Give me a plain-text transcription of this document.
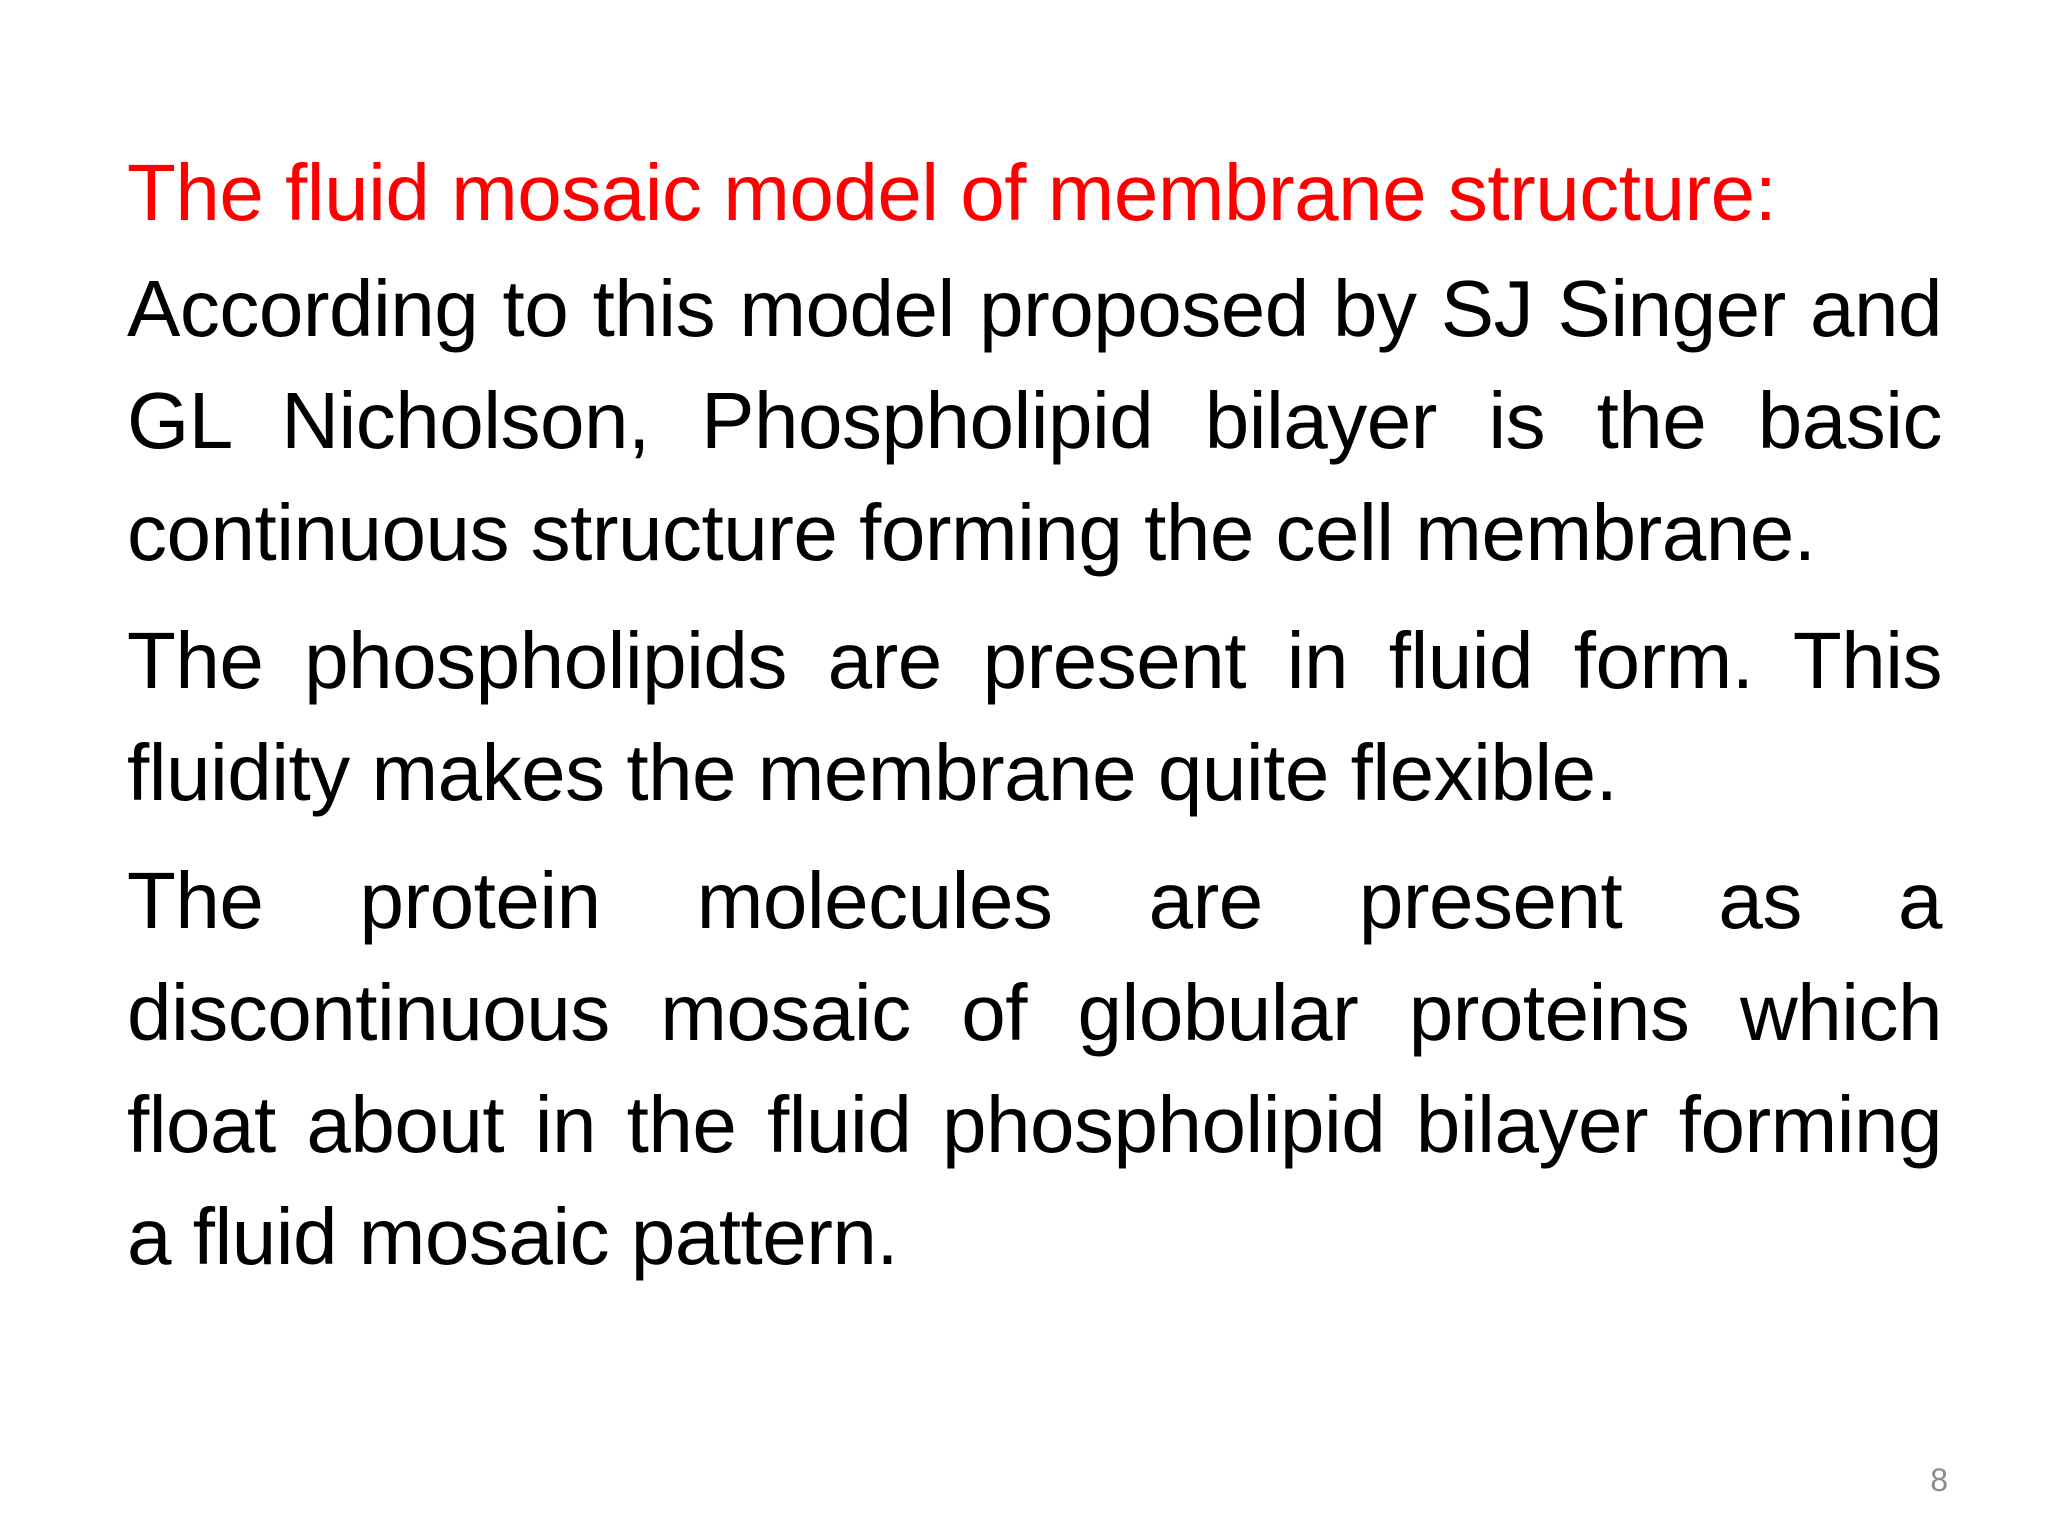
The fluid mosaic model of membrane structure:

According to this model proposed by SJ Singer and GL Nicholson, Phospholipid bilayer is the basic continuous structure forming the cell membrane.

The phospholipids are present in fluid form. This fluidity makes the membrane quite flexible.

The protein molecules are present as a discontinuous mosaic of globular proteins which float about in the fluid phospholipid bilayer forming a fluid mosaic pattern.

8
